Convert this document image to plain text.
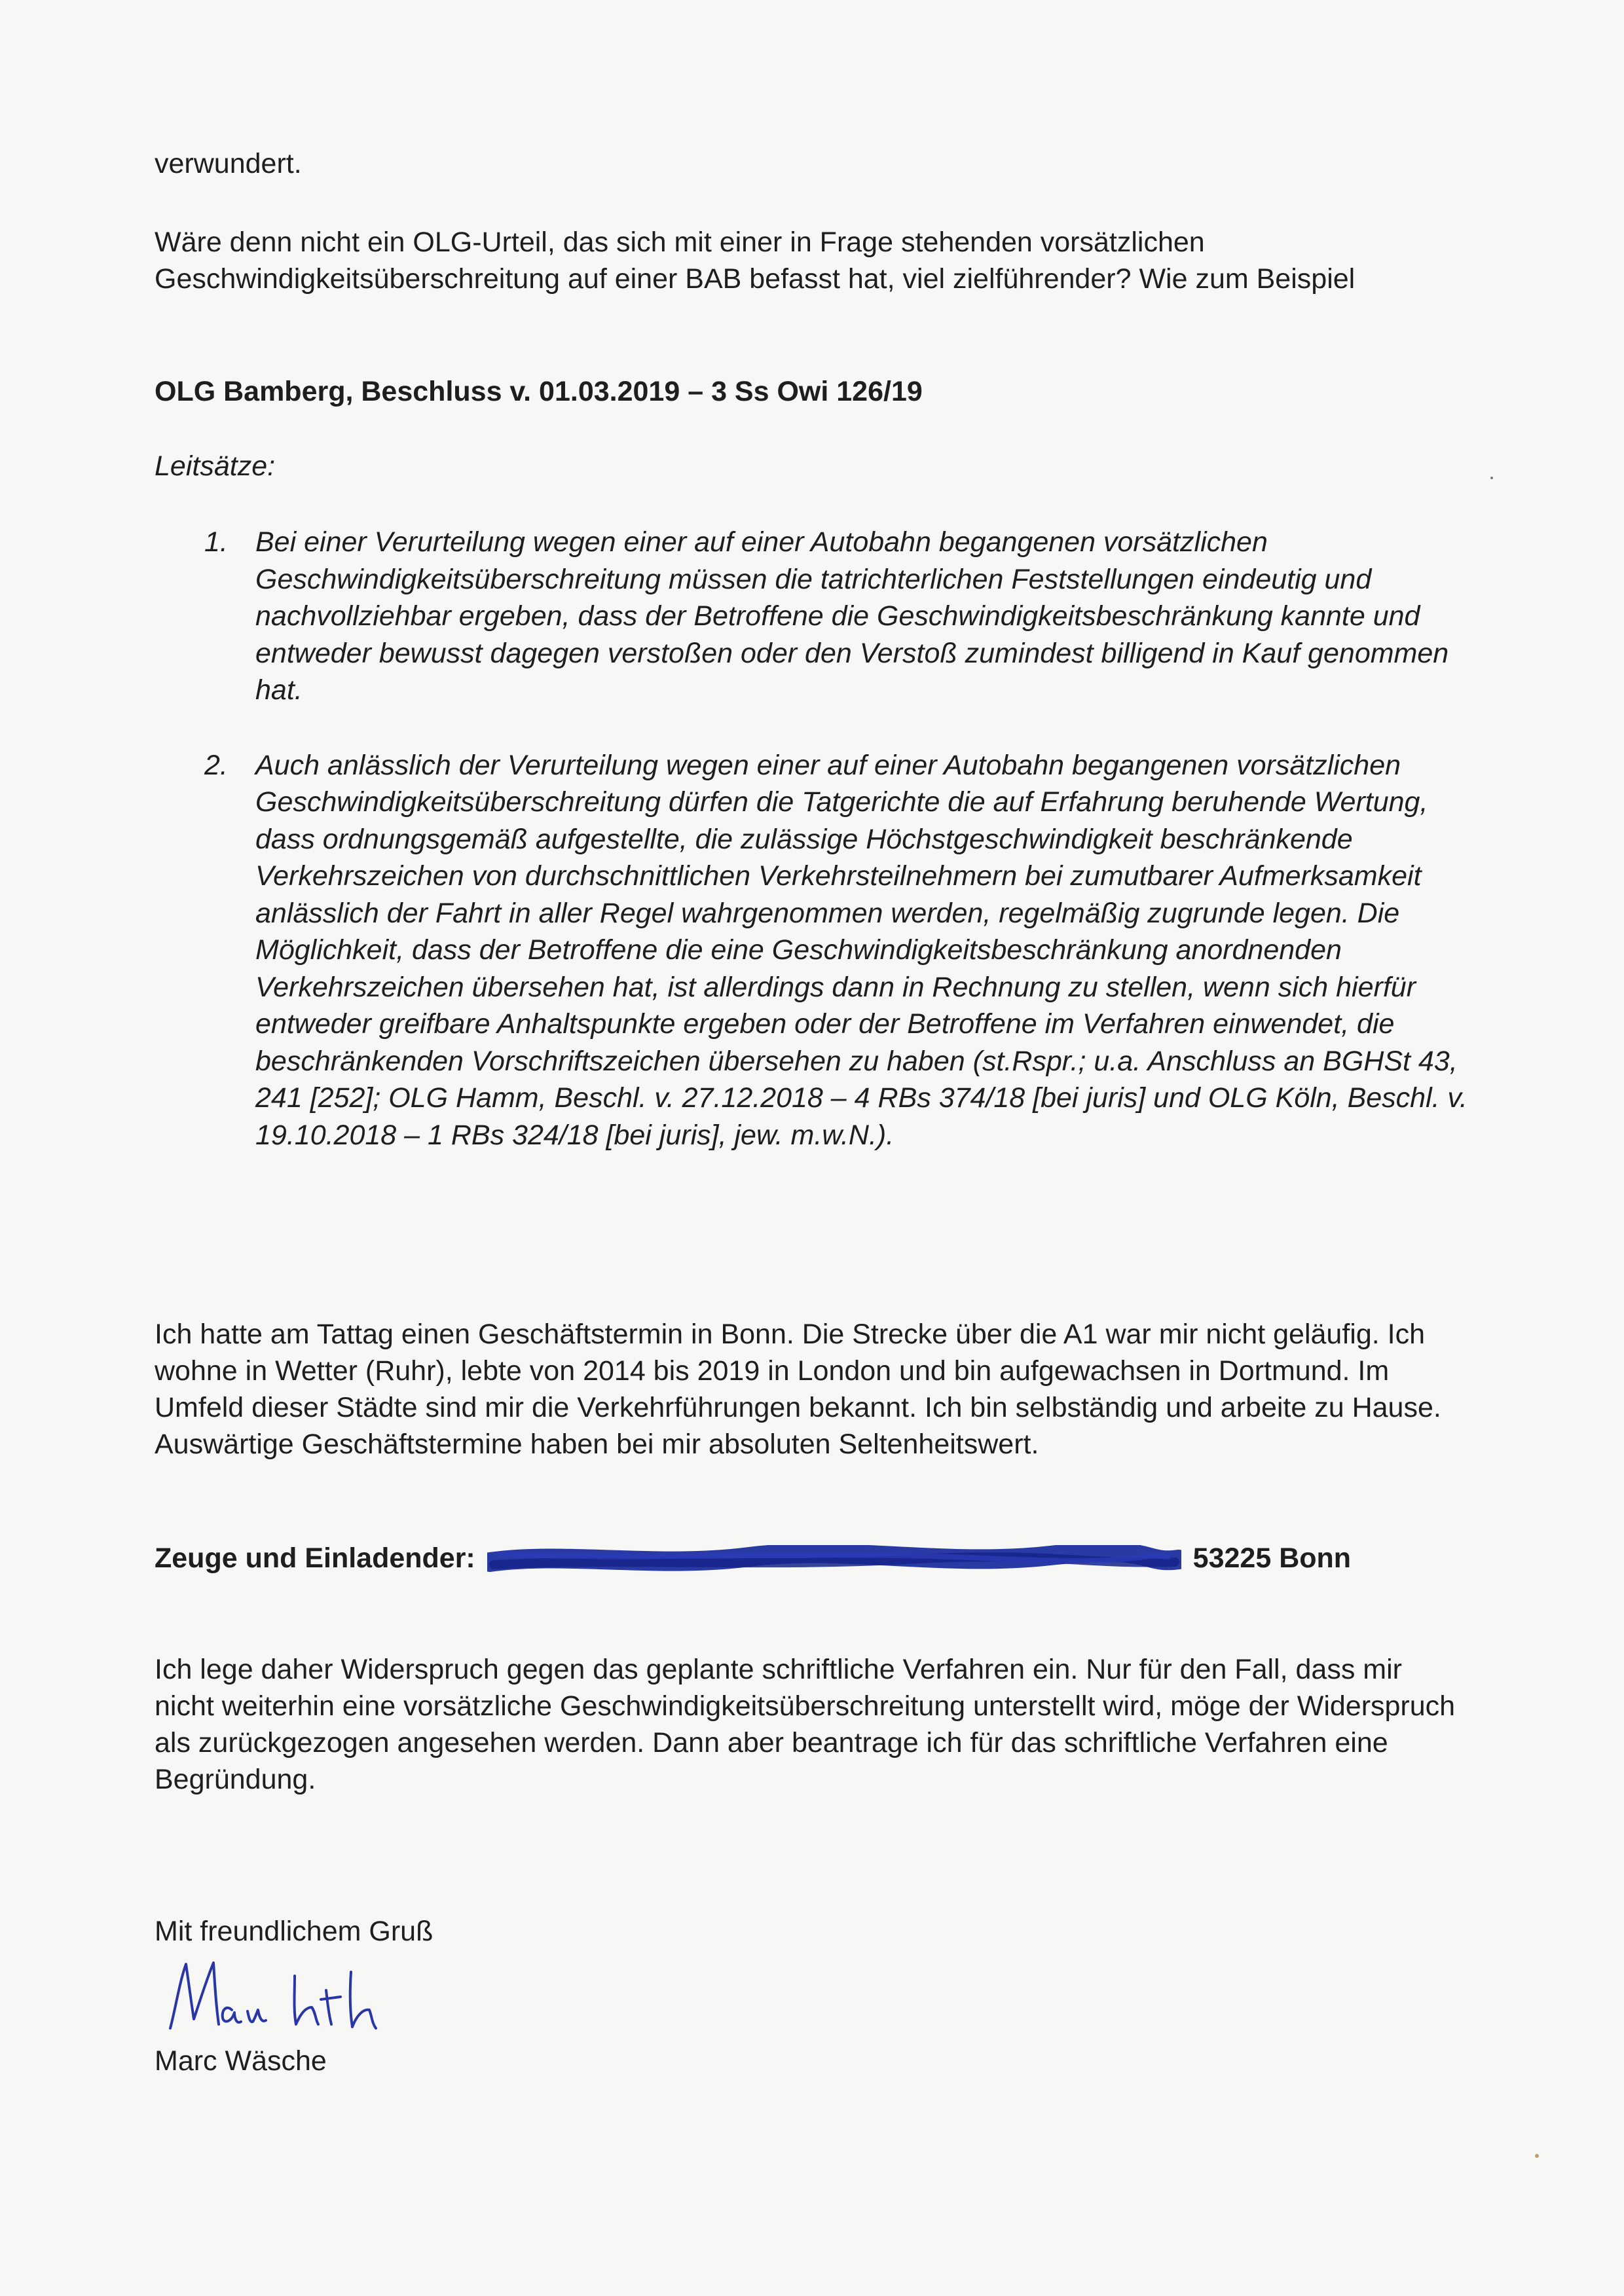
verwundert.
Wäre denn nicht ein OLG-Urteil, das sich mit einer in Frage stehenden vorsätzlichen Geschwindigkeitsüberschreitung auf einer BAB befasst hat, viel zielführender? Wie zum Beispiel
OLG Bamberg, Beschluss v. 01.03.2019 – 3 Ss Owi 126/19
Leitsätze:
1. Bei einer Verurteilung wegen einer auf einer Autobahn begangenen vorsätzlichen Geschwindigkeitsüberschreitung müssen die tatrichterlichen Feststellungen eindeutig und nachvollziehbar ergeben, dass der Betroffene die Geschwindigkeitsbeschränkung kannte und entweder bewusst dagegen verstoßen oder den Verstoß zumindest billigend in Kauf genommen hat.
2. Auch anlässlich der Verurteilung wegen einer auf einer Autobahn begangenen vorsätzlichen Geschwindigkeitsüberschreitung dürfen die Tatgerichte die auf Erfahrung beruhende Wertung, dass ordnungsgemäß aufgestellte, die zulässige Höchstgeschwindigkeit beschränkende Verkehrszeichen von durchschnittlichen Verkehrsteilnehmern bei zumutbarer Aufmerksamkeit anlässlich der Fahrt in aller Regel wahrgenommen werden, regelmäßig zugrunde legen. Die Möglichkeit, dass der Betroffene die eine Geschwindigkeitsbeschränkung anordnenden Verkehrszeichen übersehen hat, ist allerdings dann in Rechnung zu stellen, wenn sich hierfür entweder greifbare Anhaltspunkte ergeben oder der Betroffene im Verfahren einwendet, die beschränkenden Vorschriftszeichen übersehen zu haben (st.Rspr.; u.a. Anschluss an BGHSt 43, 241 [252]; OLG Hamm, Beschl. v. 27.12.2018 – 4 RBs 374/18 [bei juris] und OLG Köln, Beschl. v. 19.10.2018 – 1 RBs 324/18 [bei juris], jew. m.w.N.).
Ich hatte am Tattag einen Geschäftstermin in Bonn. Die Strecke über die A1 war mir nicht geläufig. Ich wohne in Wetter (Ruhr), lebte von 2014 bis 2019 in London und bin aufgewachsen in Dortmund. Im Umfeld dieser Städte sind mir die Verkehrführungen bekannt. Ich bin selbständig und arbeite zu Hause. Auswärtige Geschäftstermine haben bei mir absoluten Seltenheitswert.
Zeuge und Einladender:	53225 Bonn
Ich lege daher Widerspruch gegen das geplante schriftliche Verfahren ein. Nur für den Fall, dass mir nicht weiterhin eine vorsätzliche Geschwindigkeitsüberschreitung unterstellt wird, möge der Widerspruch als zurückgezogen angesehen werden. Dann aber beantrage ich für das schriftliche Verfahren eine Begründung.
Mit freundlichem Gruß
Marc Wäsche
